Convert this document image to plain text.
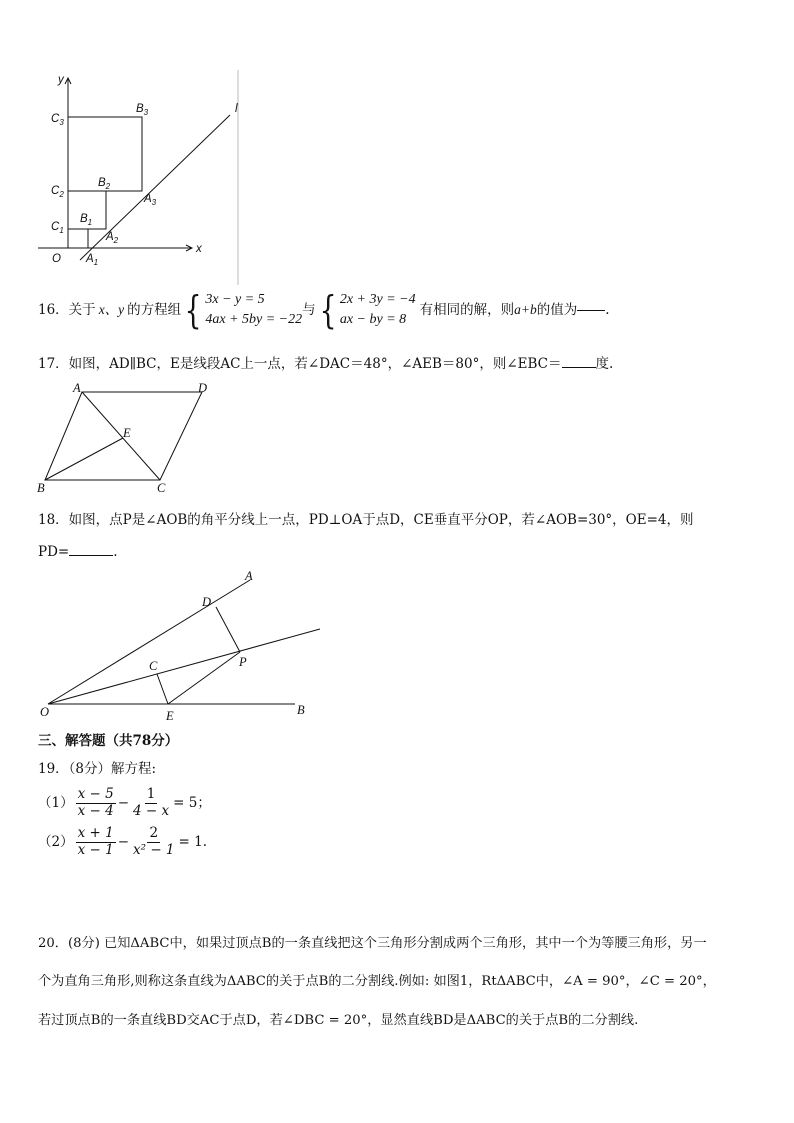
y
x
l
O
$C_3$
$C_2$
$C_1$
$B_3$
$B_2$
$B_1$
$A_3$
$A_2$
$A_1$
16．关于 x、y 的方程组 { 3x − y = 5
4ax + 5by = −22
与 { 2x + 3y = −4
ax − by = 8
有相同的解，则 a+b 的值为 .
17．如图，AD∥BC，E是线段AC上一点，若∠DAC＝48°，∠AEB＝80°，则∠EBC＝	度.
A	D
E
B	C
18．如图，点P是∠AOB的角平分线上一点，PD⊥OA于点D，CE垂直平分OP，若∠AOB=30°，OE=4，则
PD=	.
A
D
P
C
O	E	B
三、解答题（共78分）
19．（8分）解方程:
$(1) \frac{x - 5}{x - 4} - \frac{1}{4 - x} = 5$；
$(2) \frac{x + 1}{x - 1} - \frac{2}{\text{x² − 1}} = 1$.
20．(8分) 已知ΔABC中，如果过顶点B的一条直线把这个三角形分割成两个三角形，其中一个为等腰三角形，另一
个为直角三角形,则称这条直线为ΔABC的关于点B的二分割线.例如: 如图1，RtΔABC中，∠A = 90°，∠C = 20°，
若过顶点B的一条直线BD交AC于点D，若∠DBC = 20°，显然直线BD是ΔABC的关于点B的二分割线.
